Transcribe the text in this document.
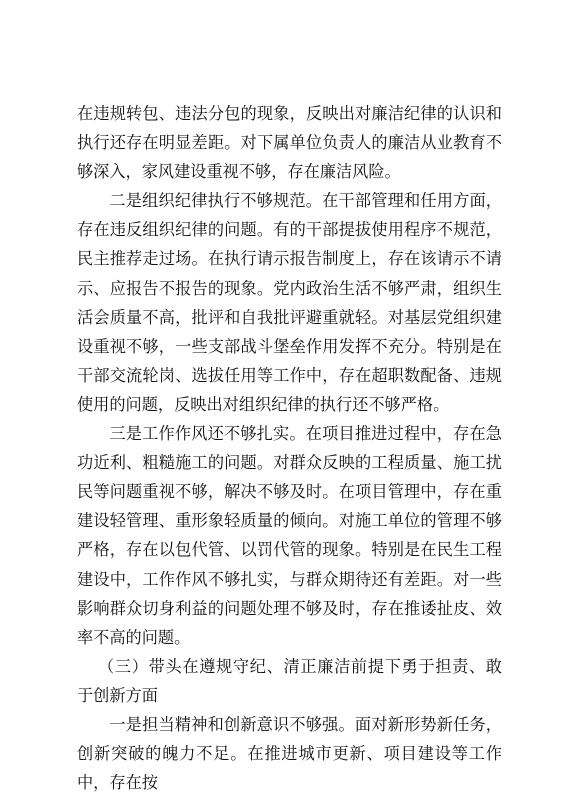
在违规转包、违法分包的现象，反映出对廉洁纪律的认识和执行还存在明显差距。对下属单位负责人的廉洁从业教育不够深入，家风建设重视不够，存在廉洁风险。

二是组织纪律执行不够规范。在干部管理和任用方面，存在违反组织纪律的问题。有的干部提拔使用程序不规范，民主推荐走过场。在执行请示报告制度上，存在该请示不请示、应报告不报告的现象。党内政治生活不够严肃，组织生活会质量不高，批评和自我批评避重就轻。对基层党组织建设重视不够，一些支部战斗堡垒作用发挥不充分。特别是在干部交流轮岗、选拔任用等工作中，存在超职数配备、违规使用的问题，反映出对组织纪律的执行还不够严格。

三是工作作风还不够扎实。在项目推进过程中，存在急功近利、粗糙施工的问题。对群众反映的工程质量、施工扰民等问题重视不够，解决不够及时。在项目管理中，存在重建设轻管理、重形象轻质量的倾向。对施工单位的管理不够严格，存在以包代管、以罚代管的现象。特别是在民生工程建设中，工作作风不够扎实，与群众期待还有差距。对一些影响群众切身利益的问题处理不够及时，存在推诿扯皮、效率不高的问题。

（三）带头在遵规守纪、清正廉洁前提下勇于担责、敢于创新方面

一是担当精神和创新意识不够强。面对新形势新任务，创新突破的魄力不足。在推进城市更新、项目建设等工作中，存在按
